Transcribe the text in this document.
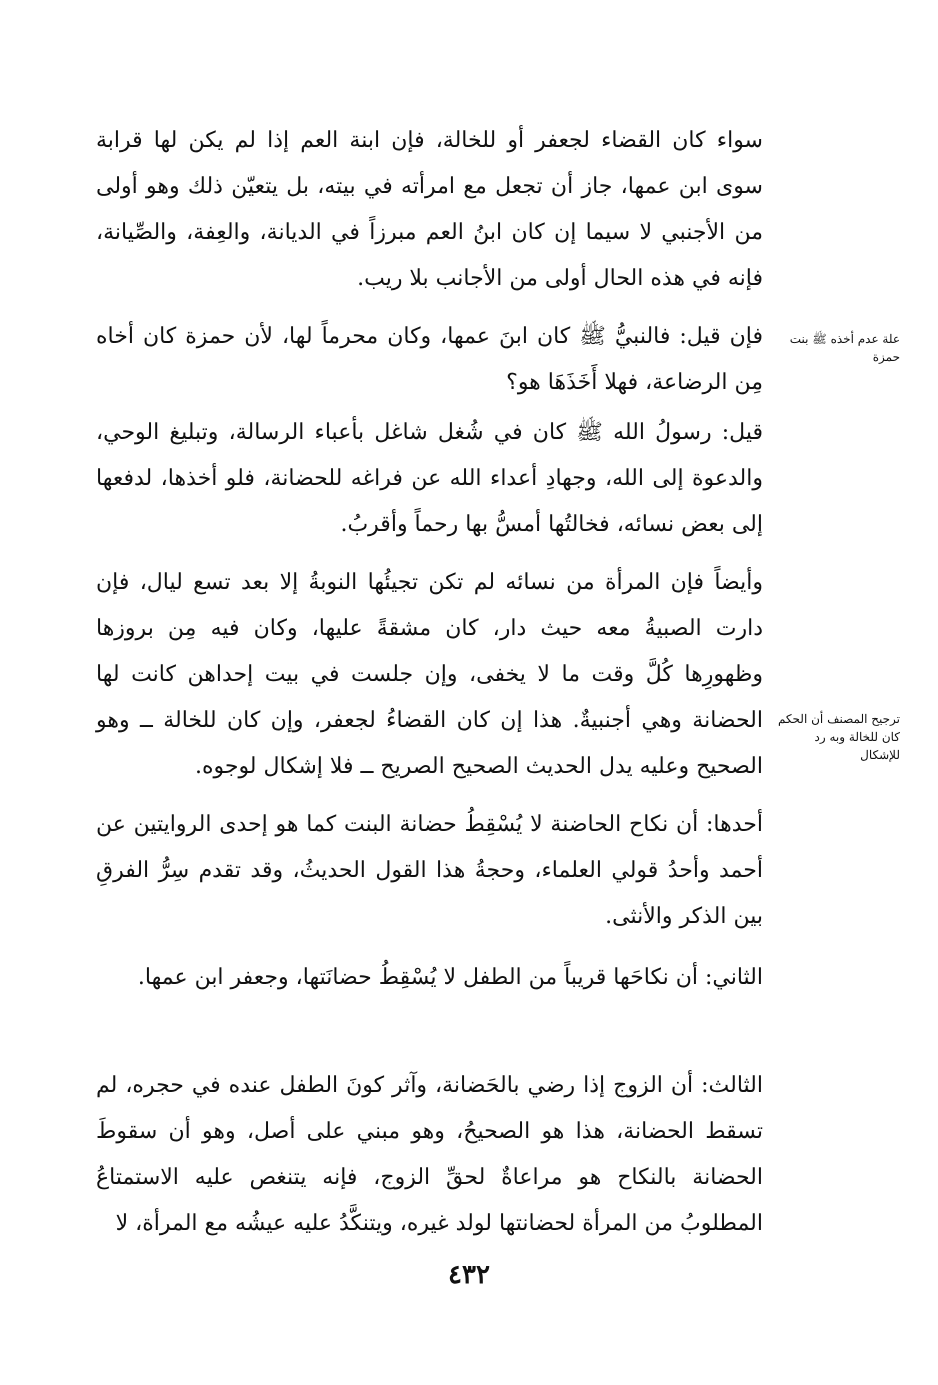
سواء كان القضاء لجعفر أو للخالة، فإن ابنة العم إذا لم يكن لها قرابة سوى ابن عمها، جاز أن تجعل مع امرأته في بيته، بل يتعيّن ذلك وهو أولى من الأجنبي لا سيما إن كان ابنُ العم مبرزاً في الديانة، والعِفة، والصِّيانة، فإنه في هذه الحال أولى من الأجانب بلا ريب.

علة عدم أخذه ﷺ بنت حمزة

فإن قيل: فالنبيُّ ﷺ كان ابنَ عمها، وكان محرماً لها، لأن حمزة كان أخاه مِن الرضاعة، فهلا أَخَذَهَا هو؟

قيل: رسولُ الله ﷺ كان في شُغل شاغل بأعباء الرسالة، وتبليغ الوحي، والدعوة إلى الله، وجهادِ أعداء الله عن فراغه للحضانة، فلو أخذها، لدفعها إلى بعض نسائه، فخالتُها أمسُّ بها رحماً وأقربُ.

وأيضاً فإن المرأة من نسائه لم تكن تجيئُها النوبةُ إلا بعد تسع ليال، فإن دارت الصبيةُ معه حيث دار، كان مشقةً عليها، وكان فيه مِن بروزها وظهورِها كُلَّ وقت ما لا يخفى، وإن جلست في بيت إحداهن كانت لها الحضانة وهي أجنبيةٌ. هذا إن كان القضاءُ لجعفر، وإن كان للخالة ــ وهو الصحيح وعليه يدل الحديث الصحيح الصريح ــ فلا إشكال لوجوه.

ترجيح المصنف أن الحكم كان للخالة وبه رد للإشكال

أحدها: أن نكاح الحاضنة لا يُسْقِطُ حضانة البنت كما هو إحدى الروايتين عن أحمد وأحدُ قولي العلماء، وحجةُ هذا القول الحديثُ، وقد تقدم سِرُّ الفرقِ بين الذكر والأنثى.

الثاني: أن نكاحَها قريباً من الطفل لا يُسْقِطُ حضانَتها، وجعفر ابن عمها.

الثالث: أن الزوج إذا رضي بالحَضانة، وآثر كونَ الطفل عنده في حجره، لم تسقط الحضانة، هذا هو الصحيحُ، وهو مبني على أصل، وهو أن سقوطَ الحضانة بالنكاح هو مراعاةٌ لحقِّ الزوج، فإنه يتنغص عليه الاستمتاعُ المطلوبُ من المرأة لحضانتها لولد غيره، ويتنكَّدُ عليه عيشُه مع المرأة، لا

٤٣٢
